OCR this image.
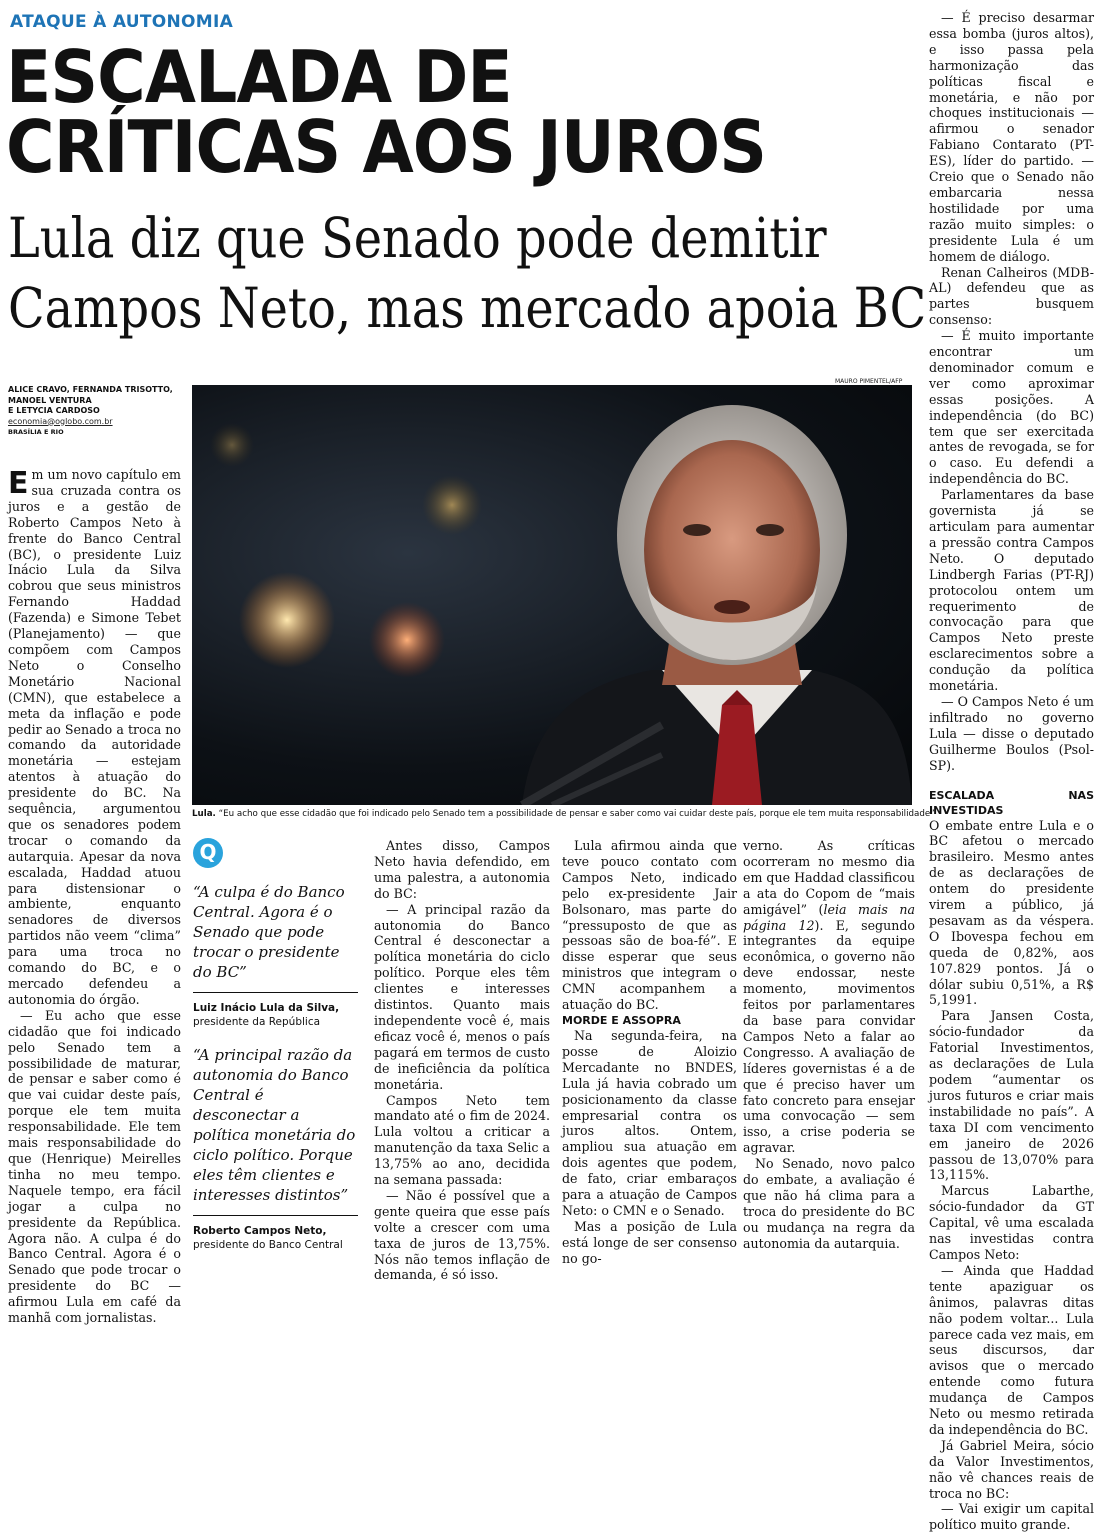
ATAQUE À AUTONOMIA
ESCALADA DE
CRÍTICAS AOS JUROS
Lula diz que Senado pode demitir
Campos Neto, mas mercado apoia BC
ALICE CRAVO, FERNANDA TRISOTTO,
MANOEL VENTURA
E LETYCIA CARDOSO
economia@oglobo.com.br
BRASÍLIA E RIO

Em um novo capítulo em sua cruzada contra os juros e a gestão de Roberto Campos Neto à frente do Banco Central (BC), o presidente Luiz Inácio Lula da Silva cobrou que seus ministros Fernando Haddad (Fazenda) e Simone Tebet (Planejamento) — que compõem com Campos Neto o Conselho Monetário Nacional (CMN), que estabelece a meta da inflação e pode pedir ao Senado a troca no comando da autoridade monetária — estejam atentos à atuação do presidente do BC. Na sequência, argumentou que os senadores podem trocar o comando da autarquia. Apesar da nova escalada, Haddad atuou para distensionar o ambiente, enquanto senadores de diversos partidos não veem “clima” para uma troca no comando do BC, e o mercado defendeu a autonomia do órgão.

— Eu acho que esse cidadão que foi indicado pelo Senado tem a possibilidade de maturar, de pensar e saber como é que vai cuidar deste país, porque ele tem muita responsabilidade. Ele tem mais responsabilidade do que (Henrique) Meirelles tinha no meu tempo. Naquele tempo, era fácil jogar a culpa no presidente da República. Agora não. A culpa é do Banco Central. Agora é o Senado que pode trocar o presidente do BC — afirmou Lula em café da manhã com jornalistas.

MAURO PIMENTEL/AFP
Lula. “Eu acho que esse cidadão que foi indicado pelo Senado tem a possibilidade de pensar e saber como vai cuidar deste país, porque ele tem muita responsabilidade”
Q

“A culpa é do Banco Central. Agora é o Senado que pode trocar o presidente do BC”

Luiz Inácio Lula da Silva,
presidente da República

“A principal razão da autonomia do Banco Central é desconectar a política monetária do ciclo político. Porque eles têm clientes e interesses distintos”

Roberto Campos Neto,
presidente do Banco Central

Antes disso, Campos Neto havia defendido, em uma palestra, a autonomia do BC:

— A principal razão da autonomia do Banco Central é desconectar a política monetária do ciclo político. Porque eles têm clientes e interesses distintos. Quanto mais independente você é, mais eficaz você é, menos o país pagará em termos de custo de ineficiência da política monetária.

Campos Neto tem mandato até o fim de 2024. Lula voltou a criticar a manutenção da taxa Selic a 13,75% ao ano, decidida na semana passada:

— Não é possível que a gente queira que esse país volte a crescer com uma taxa de juros de 13,75%. Nós não temos inflação de demanda, é só isso.

Lula afirmou ainda que teve pouco contato com Campos Neto, indicado pelo ex-presidente Jair Bolsonaro, mas parte do “pressuposto de que as pessoas são de boa-fé”. E disse esperar que seus ministros que integram o CMN acompanhem a atuação do BC.

MORDE E ASSOPRA

Na segunda-feira, na posse de Aloizio Mercadante no BNDES, Lula já havia cobrado um posicionamento da classe empresarial contra os juros altos. Ontem, ampliou sua atuação em dois agentes que podem, de fato, criar embaraços para a atuação de Campos Neto: o CMN e o Senado.

Mas a posição de Lula está longe de ser consenso no go-

verno. As críticas ocorreram no mesmo dia em que Haddad classificou a ata do Copom de “mais amigável” (leia mais na página 12). E, segundo integrantes da equipe econômica, o governo não deve endossar, neste momento, movimentos feitos por parlamentares da base para convidar Campos Neto a falar ao Congresso. A avaliação de líderes governistas é a de que é preciso haver um fato concreto para ensejar uma convocação — sem isso, a crise poderia se agravar.

No Senado, novo palco do embate, a avaliação é que não há clima para a troca do presidente do BC ou mudança na regra da autonomia da autarquia.

— É preciso desarmar essa bomba (juros altos), e isso passa pela harmonização das políticas fiscal e monetária, e não por choques institucionais — afirmou o senador Fabiano Contarato (PT-ES), líder do partido. — Creio que o Senado não embarcaria nessa hostilidade por uma razão muito simples: o presidente Lula é um homem de diálogo.

Renan Calheiros (MDB-AL) defendeu que as partes busquem consenso:

— É muito importante encontrar um denominador comum e ver como aproximar essas posições. A independência (do BC) tem que ser exercitada antes de revogada, se for o caso. Eu defendi a independência do BC.

Parlamentares da base governista já se articulam para aumentar a pressão contra Campos Neto. O deputado Lindbergh Farias (PT-RJ) protocolou ontem um requerimento de convocação para que Campos Neto preste esclarecimentos sobre a condução da política monetária.

— O Campos Neto é um infiltrado no governo Lula — disse o deputado Guilherme Boulos (Psol-SP).

ESCALADA NAS INVESTIDAS

O embate entre Lula e o BC afetou o mercado brasileiro. Mesmo antes de as declarações de ontem do presidente virem a público, já pesavam as da véspera. O Ibovespa fechou em queda de 0,82%, aos 107.829 pontos. Já o dólar subiu 0,51%, a R$ 5,1991.

Para Jansen Costa, sócio-fundador da Fatorial Investimentos, as declarações de Lula podem “aumentar os juros futuros e criar mais instabilidade no país”. A taxa DI com vencimento em janeiro de 2026 passou de 13,070% para 13,115%.

Marcus Labarthe, sócio-fundador da GT Capital, vê uma escalada nas investidas contra Campos Neto:

— Ainda que Haddad tente apaziguar os ânimos, palavras ditas não podem voltar... Lula parece cada vez mais, em seus discursos, dar avisos que o mercado entende como futura mudança de Campos Neto ou mesmo retirada da independência do BC.

Já Gabriel Meira, sócio da Valor Investimentos, não vê chances reais de troca no BC:

— Vai exigir um capital político muito grande.
